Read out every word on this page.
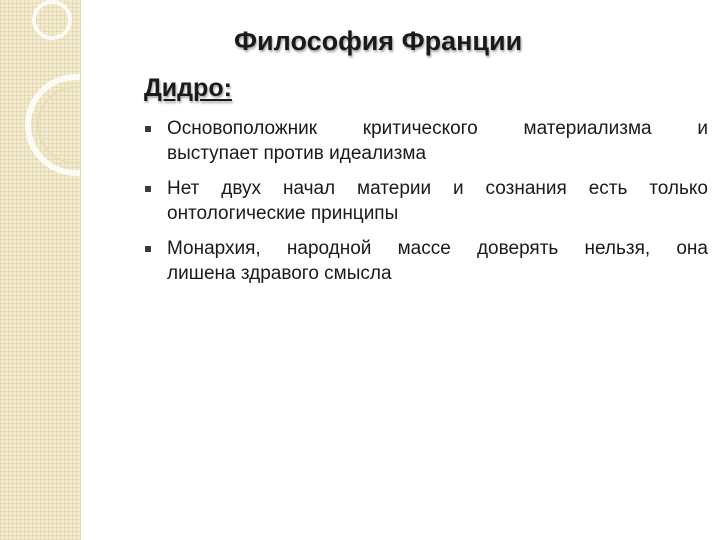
Философия Франции
Дидро:
Основоположник критического материализма и
выступает против идеализма
Нет двух начал материи и сознания есть только
онтологические принципы
Монархия, народной массе доверять нельзя, она
лишена здравого смысла
